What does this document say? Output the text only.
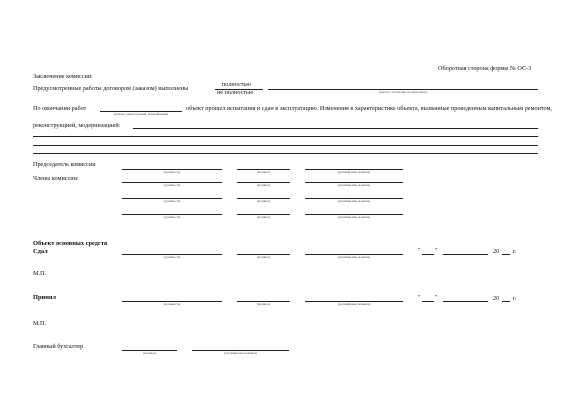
Оборотная сторона формы № ОС-3
Заключение комиссии:
Предусмотренные работы договором (заказом) выполнены
полностью
не полностью	(указать, что именно не выполнено)
По окончании работ
(ремонт, реконструкция, модернизация)
объект прошел испытания и сдан в эксплуатацию. Изменения в характеристике объекта, вызванные проведенным капитальным ремонтом,
реконструкцией, модернизацией:
Председатель комиссии
Члены комиссии:
(должность)	(подпись)	(расшифровка подписи)
(должность)	(подпись)	(расшифровка подписи)
(должность)	(подпись)	(расшифровка подписи)
(должность)	(подпись)	(расшифровка подписи)
Объект основных средств
Сдал
(должность)	(подпись)	(расшифровка подписи)
" "	20 г.
М.П.
Принял
(должность)	(подпись)	(расшифровка подписи)
" "	20 г.
М.П.
Главный бухгалтер
(подпись)	(расшифровка подписи)
